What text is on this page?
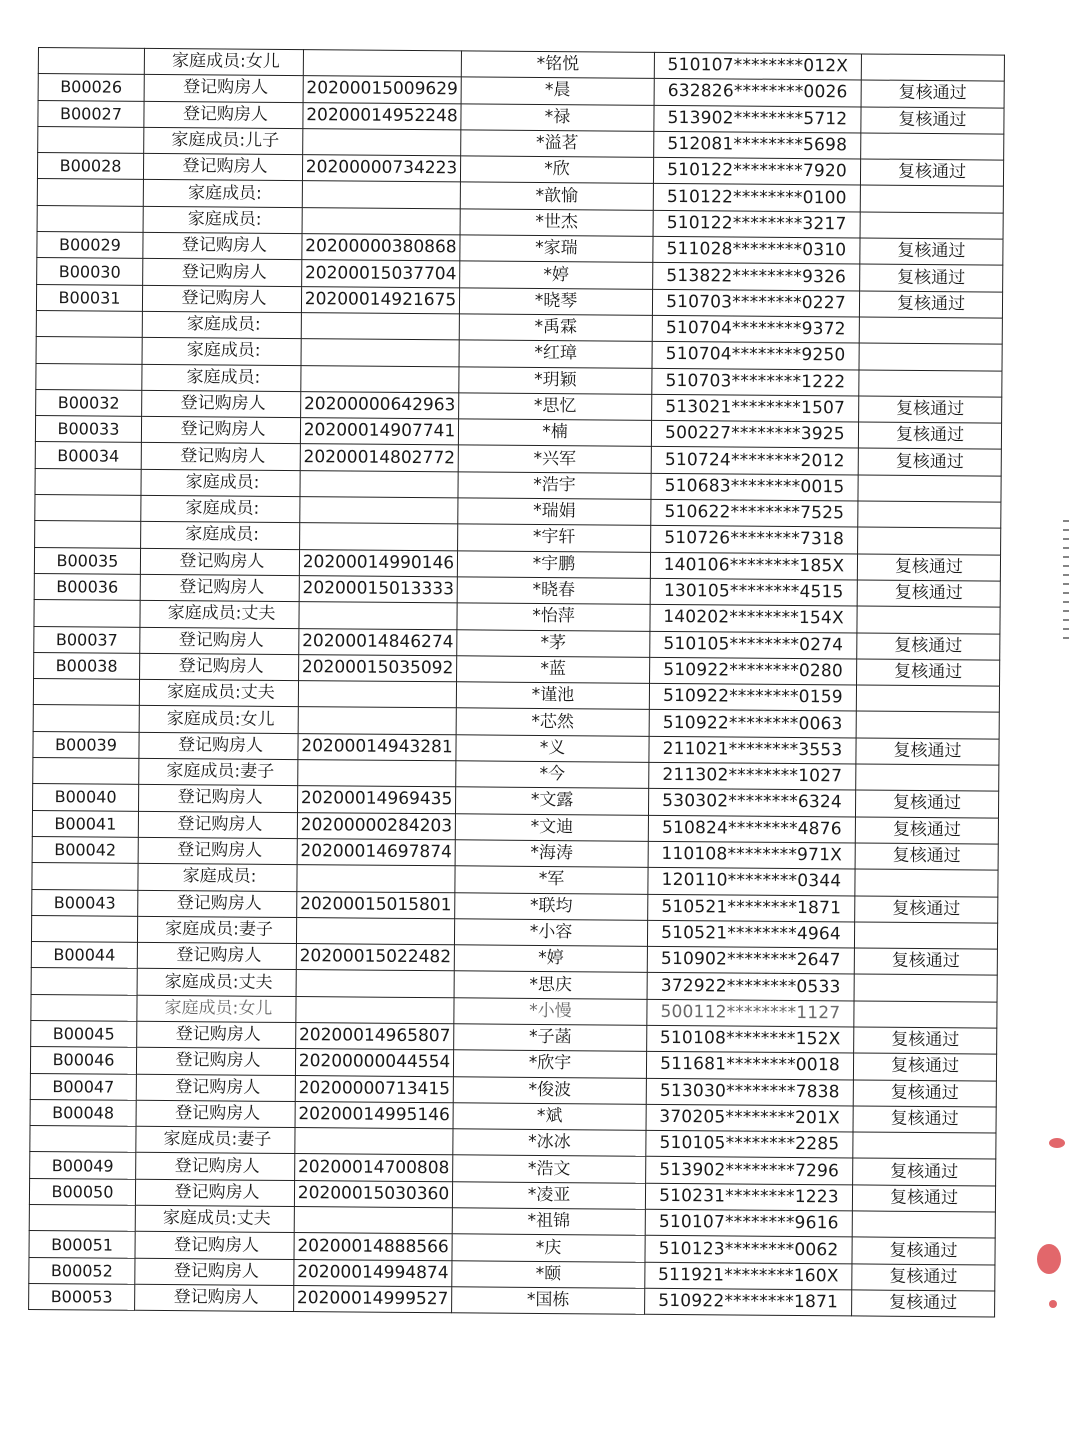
	家庭成员:女儿		*铭悦	510107********012X	
B00026	登记购房人	20200015009629	*晨	632826********0026	复核通过
B00027	登记购房人	20200014952248	*禄	513902********5712	复核通过
	家庭成员:儿子		*溢茗	512081********5698	
B00028	登记购房人	20200000734223	*欣	510122********7920	复核通过
	家庭成员:		*歆愉	510122********0100	
	家庭成员:		*世杰	510122********3217	
B00029	登记购房人	20200000380868	*家瑞	511028********0310	复核通过
B00030	登记购房人	20200015037704	*婷	513822********9326	复核通过
B00031	登记购房人	20200014921675	*晓琴	510703********0227	复核通过
	家庭成员:		*禹霖	510704********9372	
	家庭成员:		*红璋	510704********9250	
	家庭成员:		*玥颖	510703********1222	
B00032	登记购房人	20200000642963	*思忆	513021********1507	复核通过
B00033	登记购房人	20200014907741	*楠	500227********3925	复核通过
B00034	登记购房人	20200014802772	*兴军	510724********2012	复核通过
	家庭成员:		*浩宇	510683********0015	
	家庭成员:		*瑞娟	510622********7525	
	家庭成员:		*宇轩	510726********7318	
B00035	登记购房人	20200014990146	*宇鹏	140106********185X	复核通过
B00036	登记购房人	20200015013333	*晓春	130105********4515	复核通过
	家庭成员:丈夫		*怡萍	140202********154X	
B00037	登记购房人	20200014846274	*茅	510105********0274	复核通过
B00038	登记购房人	20200015035092	*蓝	510922********0280	复核通过
	家庭成员:丈夫		*谨池	510922********0159	
	家庭成员:女儿		*芯然	510922********0063	
B00039	登记购房人	20200014943281	*义	211021********3553	复核通过
	家庭成员:妻子		*今	211302********1027	
B00040	登记购房人	20200014969435	*文露	530302********6324	复核通过
B00041	登记购房人	20200000284203	*文迪	510824********4876	复核通过
B00042	登记购房人	20200014697874	*海涛	110108********971X	复核通过
	家庭成员:		*军	120110********0344	
B00043	登记购房人	20200015015801	*联均	510521********1871	复核通过
	家庭成员:妻子		*小容	510521********4964	
B00044	登记购房人	20200015022482	*婷	510902********2647	复核通过
	家庭成员:丈夫		*思庆	372922********0533	
	家庭成员:女儿		*小慢	500112********1127	
B00045	登记购房人	20200014965807	*子菡	510108********152X	复核通过
B00046	登记购房人	20200000044554	*欣宇	511681********0018	复核通过
B00047	登记购房人	20200000713415	*俊波	513030********7838	复核通过
B00048	登记购房人	20200014995146	*斌	370205********201X	复核通过
	家庭成员:妻子		*冰冰	510105********2285	
B00049	登记购房人	20200014700808	*浩文	513902********7296	复核通过
B00050	登记购房人	20200015030360	*凌亚	510231********1223	复核通过
	家庭成员:丈夫		*祖锦	510107********9616	
B00051	登记购房人	20200014888566	*庆	510123********0062	复核通过
B00052	登记购房人	20200014994874	*颐	511921********160X	复核通过
B00053	登记购房人	20200014999527	*国栋	510922********1871	复核通过
